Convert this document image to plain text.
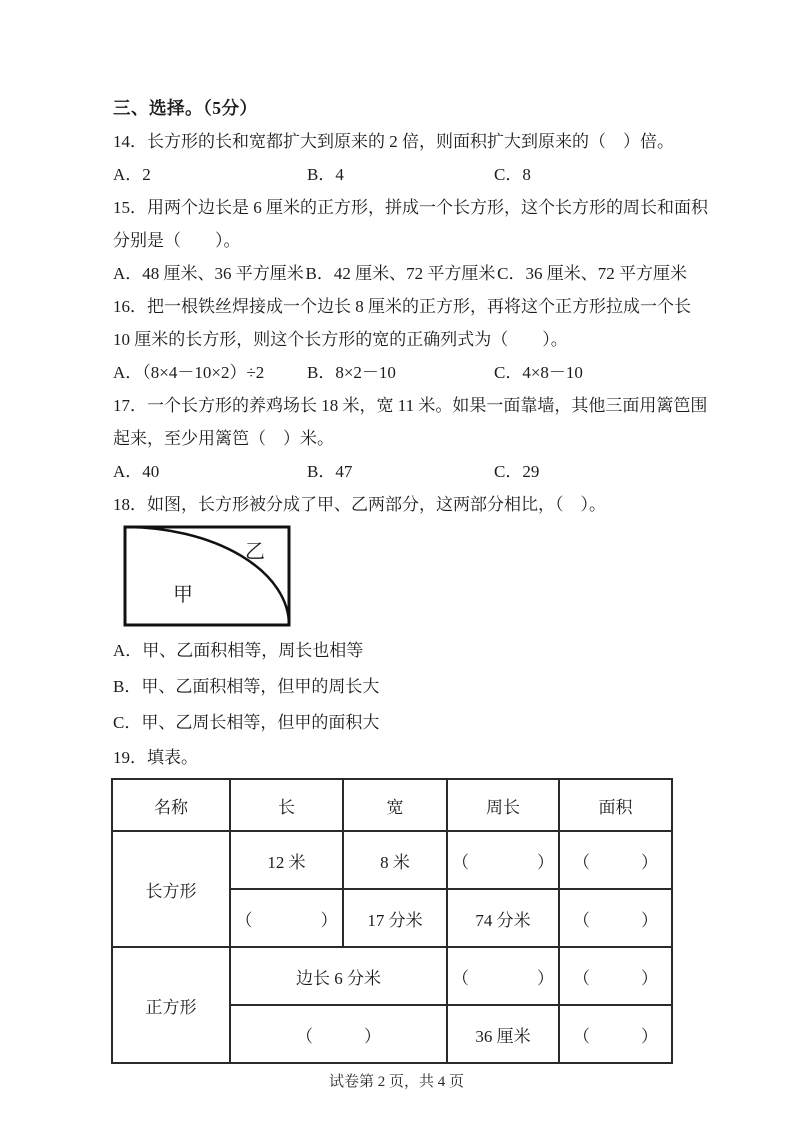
三、选择。（5分）
14．长方形的长和宽都扩大到原来的 2 倍，则面积扩大到原来的（　）倍。
A．2	B．4	C．8
15．用两个边长是 6 厘米的正方形，拼成一个长方形，这个长方形的周长和面积
分别是（　　）。
A．48 厘米、36 平方厘米 B．42 厘米、72 平方厘米 C．36 厘米、72 平方厘米
16．把一根铁丝焊接成一个边长 8 厘米的正方形，再将这个正方形拉成一个长
10 厘米的长方形，则这个长方形的宽的正确列式为（　　）。
A．（8×4－10×2）÷2	B．8×2－10	C．4×8－10
17．一个长方形的养鸡场长 18 米，宽 11 米。如果一面靠墙，其他三面用篱笆围
起来，至少用篱笆（　）米。
A．40	B．47	C．29
18．如图，长方形被分成了甲、乙两部分，这两部分相比，（　）。
甲
乙
A．甲、乙面积相等，周长也相等
B．甲、乙面积相等，但甲的周长大
C．甲、乙周长相等，但甲的面积大
19．填表。
名称	长	宽	周长	面积
长方形	12 米	8 米	（　　　　）	（　　　）
	（　　　　）	17 分米	74 分米	（　　　）
正方形	边长 6 分米		（　　　　）	（　　　）
	（　　　）		36 厘米	（　　　）
试卷第 2 页，共 4 页
